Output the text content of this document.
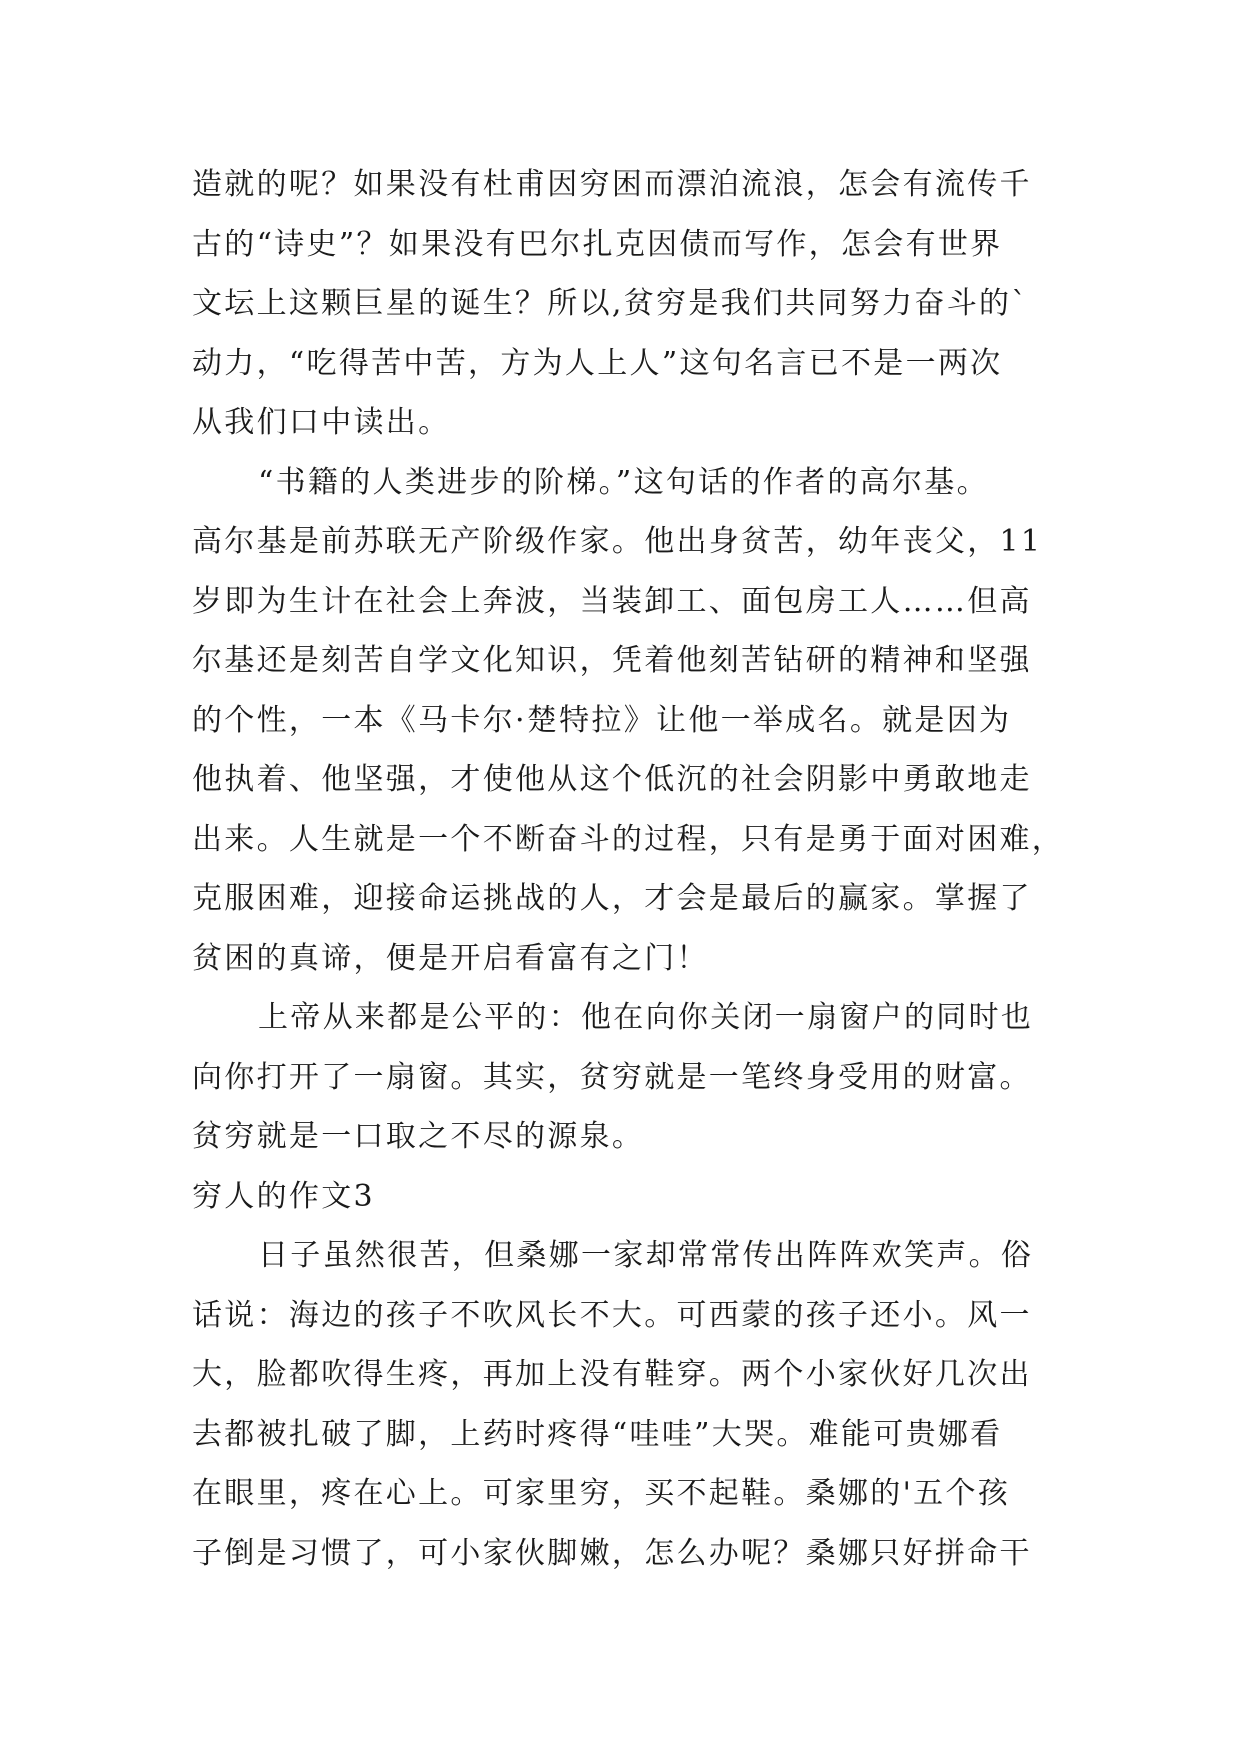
造就的呢？如果没有杜甫因穷困而漂泊流浪，怎会有流传千
古的“诗史”？如果没有巴尔扎克因债而写作，怎会有世界
文坛上这颗巨星的诞生？所以,贫穷是我们共同努力奋斗的`
动力，“吃得苦中苦，方为人上人”这句名言已不是一两次
从我们口中读出。
“书籍的人类进步的阶梯。”这句话的作者的高尔基。
高尔基是前苏联无产阶级作家。他出身贫苦，幼年丧父，11
岁即为生计在社会上奔波，当装卸工、面包房工人……但高
尔基还是刻苦自学文化知识，凭着他刻苦钻研的精神和坚强
的个性，一本《马卡尔·楚特拉》让他一举成名。就是因为
他执着、他坚强，才使他从这个低沉的社会阴影中勇敢地走
出来。人生就是一个不断奋斗的过程，只有是勇于面对困难，
克服困难，迎接命运挑战的人，才会是最后的赢家。掌握了
贫困的真谛，便是开启看富有之门！
上帝从来都是公平的：他在向你关闭一扇窗户的同时也
向你打开了一扇窗。其实，贫穷就是一笔终身受用的财富。
贫穷就是一口取之不尽的源泉。
穷人的作文3
日子虽然很苦，但桑娜一家却常常传出阵阵欢笑声。俗
话说：海边的孩子不吹风长不大。可西蒙的孩子还小。风一
大，脸都吹得生疼，再加上没有鞋穿。两个小家伙好几次出
去都被扎破了脚，上药时疼得“哇哇”大哭。难能可贵娜看
在眼里，疼在心上。可家里穷，买不起鞋。桑娜的'五个孩
子倒是习惯了，可小家伙脚嫩，怎么办呢？桑娜只好拼命干
